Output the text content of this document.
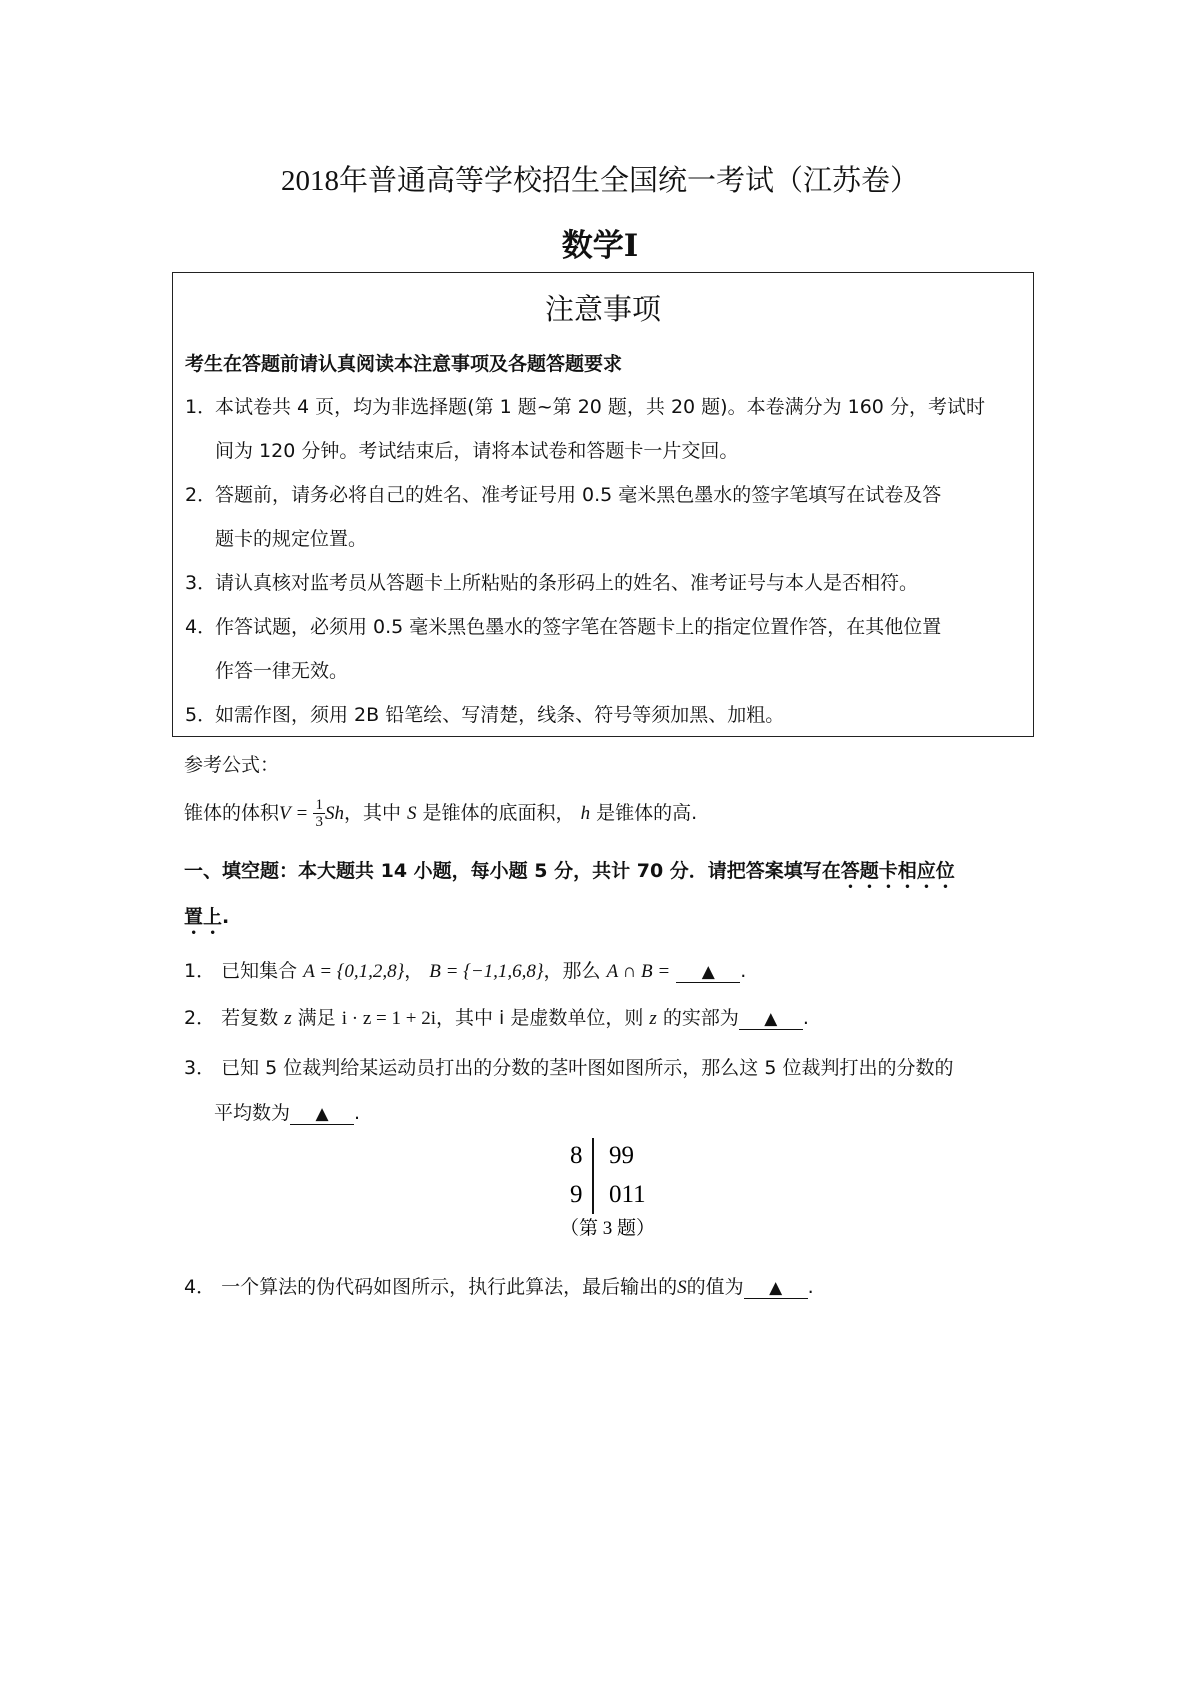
2018年普通高等学校招生全国统一考试（江苏卷）
数学Ⅰ
注意事项
考生在答题前请认真阅读本注意事项及各题答题要求
1．本试卷共 4 页，均为非选择题(第 1 题~第 20 题，共 20 题)。本卷满分为 160 分，考试时
间为 120 分钟。考试结束后，请将本试卷和答题卡一片交回。
2．答题前，请务必将自己的姓名、准考证号用 0.5 毫米黑色墨水的签字笔填写在试卷及答
题卡的规定位置。
3．请认真核对监考员从答题卡上所粘贴的条形码上的姓名、准考证号与本人是否相符。
4．作答试题，必须用 0.5 毫米黑色墨水的签字笔在答题卡上的指定位置作答，在其他位置
作答一律无效。
5．如需作图，须用 2B 铅笔绘、写清楚，线条、符号等须加黑、加粗。
参考公式：
锥体的体积$V = \frac{1}{3}$ Sh，其中 S 是锥体的底面积， h 是锥体的高.
一、填空题：本大题共 14 小题，每小题 5 分，共计 70 分．请把答案填写在答题卡相应位
置上.
1． 已知集合 A = {0,1,2,8}， B = {−1,1,6,8}，那么 A ∩ B = ▲ .
2． 若复数 z 满足 i · z = 1 + 2i，其中 i 是虚数单位，则 z 的实部为 ▲ .
3． 已知 5 位裁判给某运动员打出的分数的茎叶图如图所示，那么这 5 位裁判打出的分数的
平均数为 ▲ .
8 99
9 011
（第 3 题）
4． 一个算法的伪代码如图所示，执行此算法，最后输出的S的值为 ▲ .
